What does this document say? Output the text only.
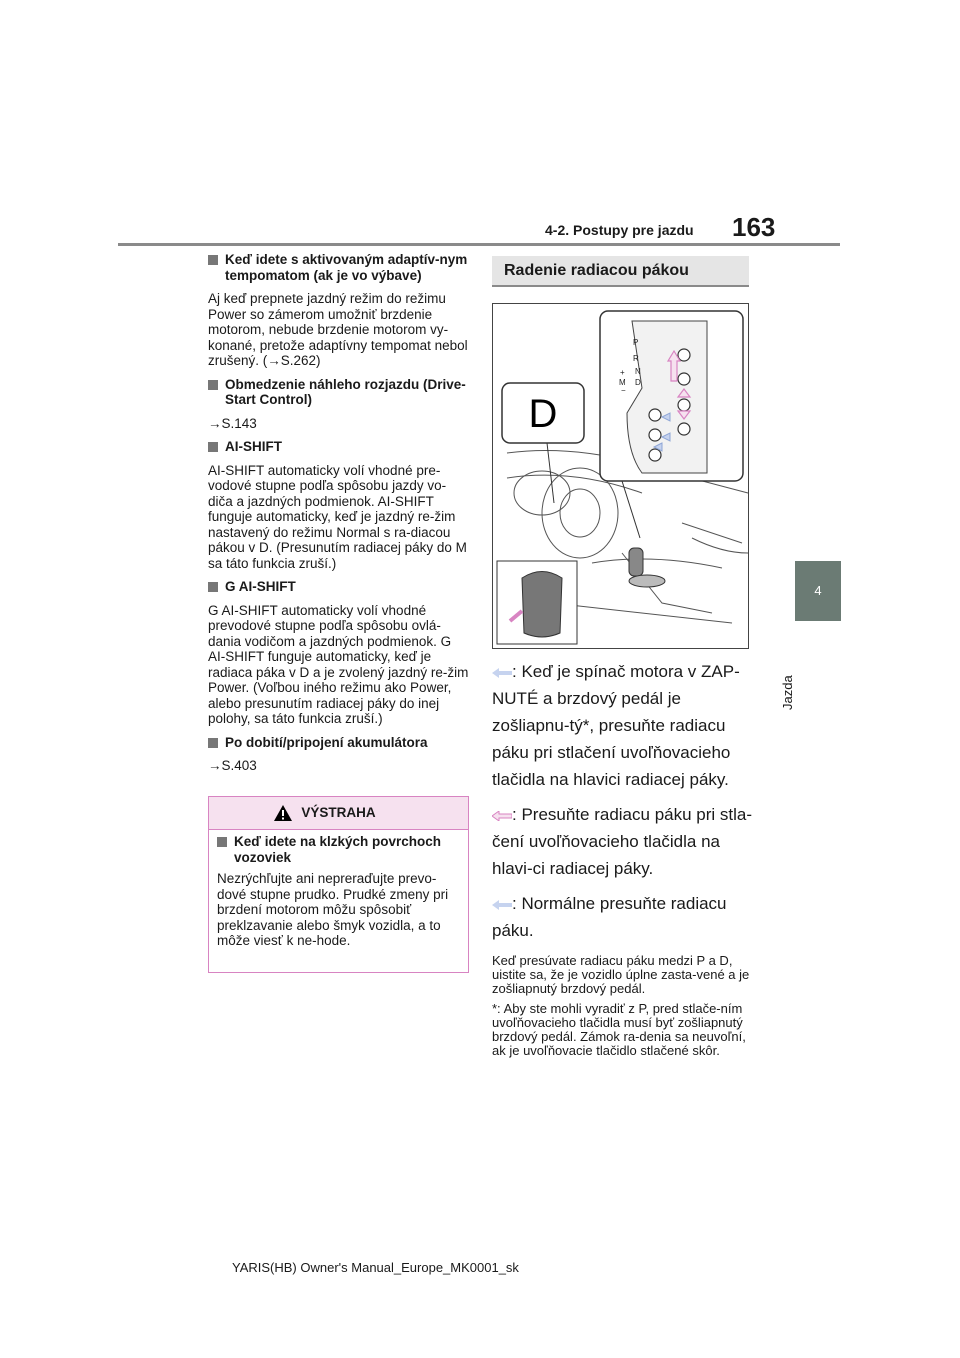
4-2. Postupy pre jazdu 163
4
Jazda

Keď idete s aktivovaným adaptív-nym tempomatom (ak je vo výbave)

Aj keď prepnete jazdný režim do režimu Power so zámerom umožniť brzdenie motorom, nebude brzdenie motorom vy-konané, pretože adaptívny tempomat nebol zrušený. (→S.262)

Obmedzenie náhleho rozjazdu (Drive-Start Control)

→S.143

AI-SHIFT

AI-SHIFT automaticky volí vhodné pre-vodové stupne podľa spôsobu jazdy vo-diča a jazdných podmienok. AI-SHIFT funguje automaticky, keď je jazdný re-žim nastavený do režimu Normal s ra-diacou pákou v D. (Presunutím radiacej páky do M sa táto funkcia zruší.)

G AI-SHIFT

G AI-SHIFT automaticky volí vhodné prevodové stupne podľa spôsobu ovlá-dania vodičom a jazdných podmienok. G AI-SHIFT funguje automaticky, keď je radiaca páka v D a je zvolený jazdný re-žim Power. (Voľbou iného režimu ako Power, alebo presunutím radiacej páky do inej polohy, sa táto funkcia zruší.)

Po dobití/pripojení akumulátora

→S.403

VÝSTRAHA

Keď idete na klzkých povrchoch vozoviek

Nezrýchľujte ani nepreraďujte prevo-dové stupne prudko. Prudké zmeny pri brzdení motorom môžu spôsobiť preklzavanie alebo šmyk vozidla, a to môže viesť k ne-hode.

Radenie radiacou pákou
D
P
R
N
D
+
M
−

: Keď je spínač motora v ZAP-NUTÉ a brzdový pedál je zošliapnu-tý*, presuňte radiacu páku pri stlačení uvoľňovacieho tlačidla na hlavici radiacej páky.

: Presuňte radiacu páku pri stla-čení uvoľňovacieho tlačidla na hlavi-ci radiacej páky.

: Normálne presuňte radiacu páku.

Keď presúvate radiacu páku medzi P a D, uistite sa, že je vozidlo úplne zasta-vené a je zošliapnutý brzdový pedál.

*: Aby ste mohli vyradiť z P, pred stlače-ním uvoľňovacieho tlačidla musí byť zošliapnutý brzdový pedál. Zámok ra-denia sa neuvoľní, ak je uvoľňovacie tlačidlo stlačené skôr.

YARIS(HB) Owner's Manual_Europe_MK0001_sk
